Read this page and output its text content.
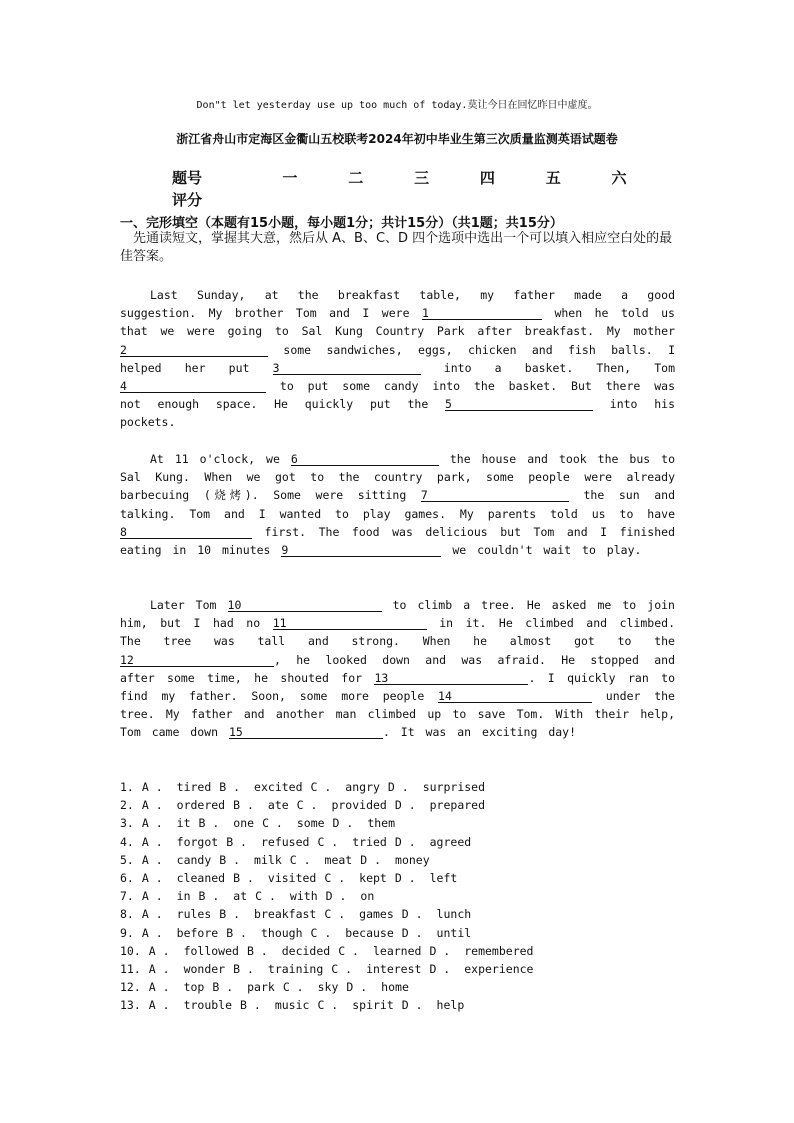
Don"t let yesterday use up too much of today.莫让今日在回忆昨日中虚度。
浙江省舟山市定海区金衢山五校联考2024年初中毕业生第三次质量监测英语试题卷
题号	一	二	三	四	五	六
评分
一、完形填空（本题有15小题，每小题1分；共计15分）（共1题；共15分）
先通读短文，掌握其大意，然后从 A、B、C、D 四个选项中选出一个可以填入相应空白处的最佳答案。

Last Sunday, at the breakfast table, my father made a good suggestion. My brother Tom and I were 1	when he told us that we were going to Sal Kung Country Park after breakfast. My mother 2	some sandwiches, eggs, chicken and fish balls. I helped her put 3	into a basket. Then, Tom 4	to put some candy into the basket. But there was not enough space. He quickly put the 5	into his pockets.

At 11 o'clock, we 6	the house and took the bus to Sal Kung. When we got to the country park, some people were already barbecuing (烧烤). Some were sitting 7	the sun and talking. Tom and I wanted to play games. My parents told us to have 8	first. The food was delicious but Tom and I finished eating in 10 minutes 9	we couldn't wait to play.

Later Tom 10	to climb a tree. He asked me to join him, but I had no 11	in it. He climbed and climbed. The tree was tall and strong. When he almost got to the 12	, he looked down and was afraid. He stopped and after some time, he shouted for 13	. I quickly ran to find my father. Soon, some more people 14	under the tree. My father and another man climbed up to save Tom. With their help, Tom came down 15	. It was an exciting day!

1. A . tired B . excited C . angry D . surprised
2. A . ordered B . ate C . provided D . prepared
3. A . it B . one C . some D . them
4. A . forgot B . refused C . tried D . agreed
5. A . candy B . milk C . meat D . money
6. A . cleaned B . visited C . kept D . left
7. A . in B . at C . with D . on
8. A . rules B . breakfast C . games D . lunch
9. A . before B . though C . because D . until
10. A . followed B . decided C . learned D . remembered
11. A . wonder B . training C . interest D . experience
12. A . top B . park C . sky D . home
13. A . trouble B . music C . spirit D . help
